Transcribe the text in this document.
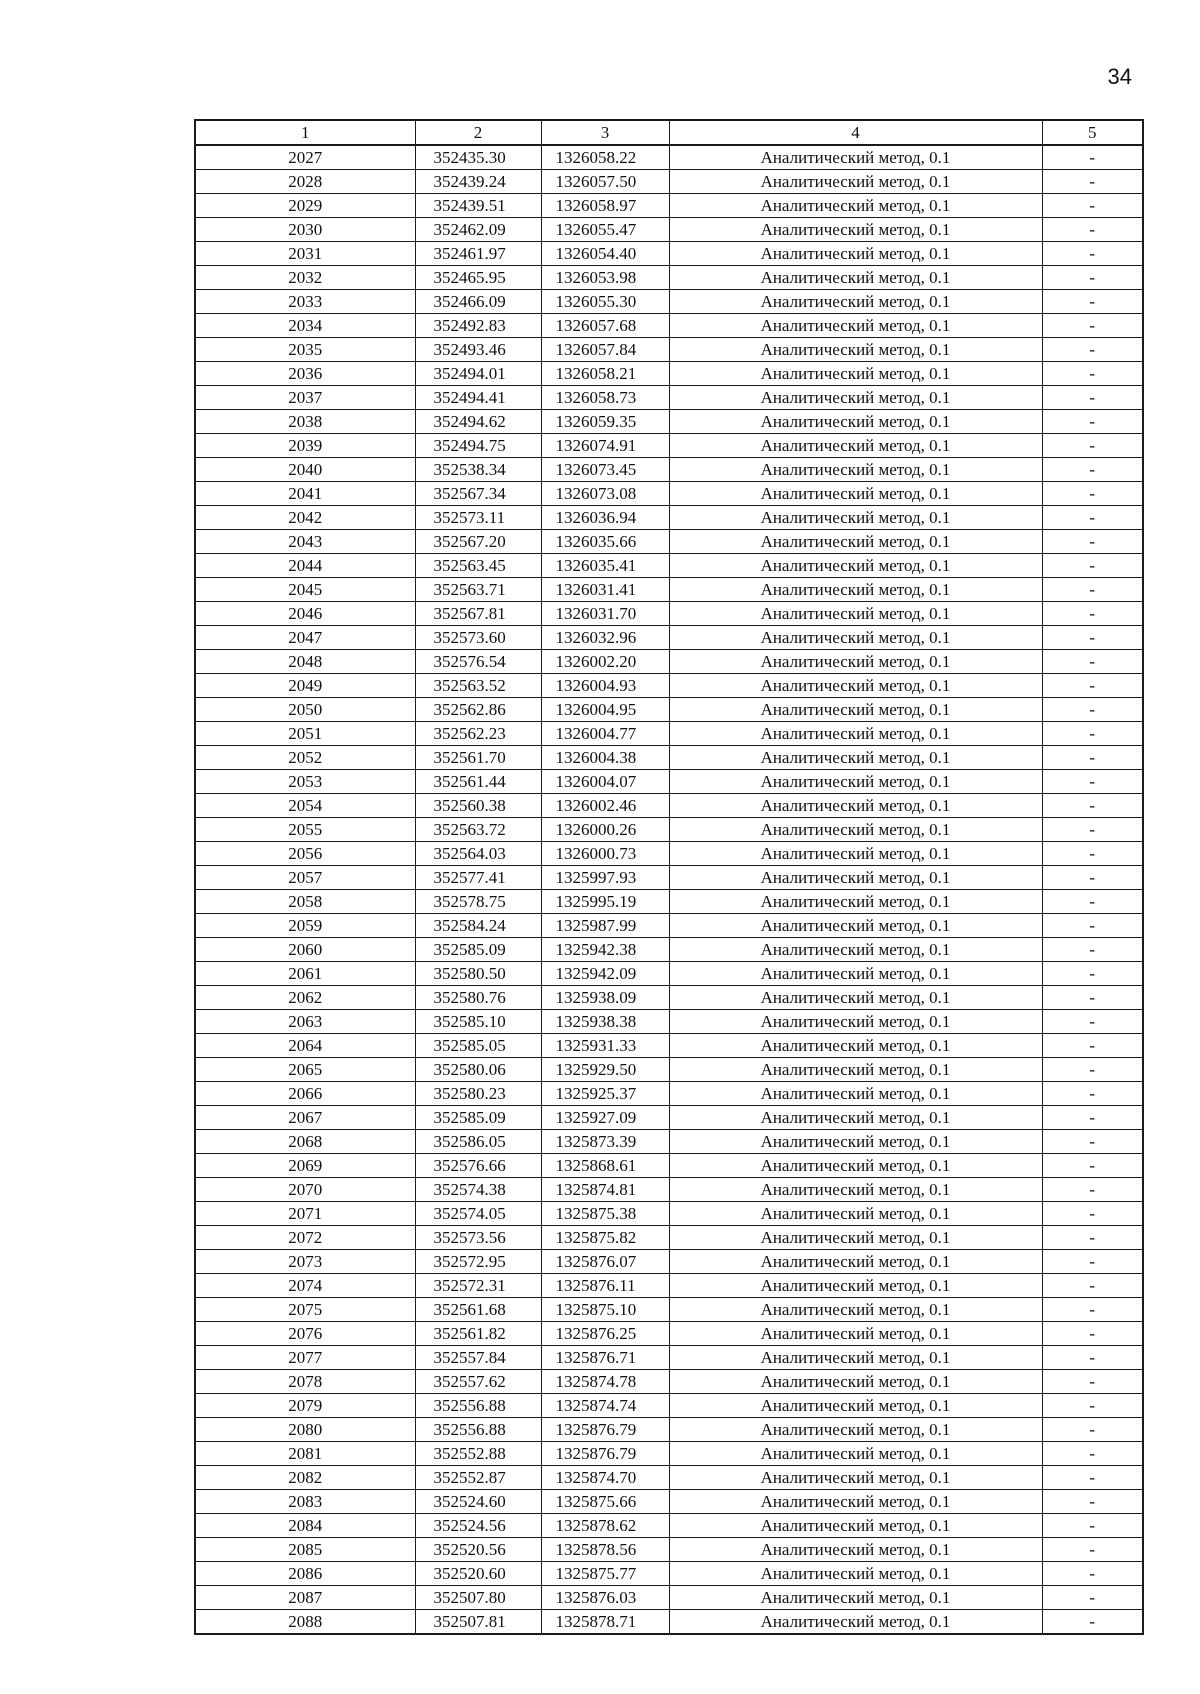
34
1	2	3	4	5
2027	352435.30	1326058.22	Аналитический метод, 0.1	-
2028	352439.24	1326057.50	Аналитический метод, 0.1	-
2029	352439.51	1326058.97	Аналитический метод, 0.1	-
2030	352462.09	1326055.47	Аналитический метод, 0.1	-
2031	352461.97	1326054.40	Аналитический метод, 0.1	-
2032	352465.95	1326053.98	Аналитический метод, 0.1	-
2033	352466.09	1326055.30	Аналитический метод, 0.1	-
2034	352492.83	1326057.68	Аналитический метод, 0.1	-
2035	352493.46	1326057.84	Аналитический метод, 0.1	-
2036	352494.01	1326058.21	Аналитический метод, 0.1	-
2037	352494.41	1326058.73	Аналитический метод, 0.1	-
2038	352494.62	1326059.35	Аналитический метод, 0.1	-
2039	352494.75	1326074.91	Аналитический метод, 0.1	-
2040	352538.34	1326073.45	Аналитический метод, 0.1	-
2041	352567.34	1326073.08	Аналитический метод, 0.1	-
2042	352573.11	1326036.94	Аналитический метод, 0.1	-
2043	352567.20	1326035.66	Аналитический метод, 0.1	-
2044	352563.45	1326035.41	Аналитический метод, 0.1	-
2045	352563.71	1326031.41	Аналитический метод, 0.1	-
2046	352567.81	1326031.70	Аналитический метод, 0.1	-
2047	352573.60	1326032.96	Аналитический метод, 0.1	-
2048	352576.54	1326002.20	Аналитический метод, 0.1	-
2049	352563.52	1326004.93	Аналитический метод, 0.1	-
2050	352562.86	1326004.95	Аналитический метод, 0.1	-
2051	352562.23	1326004.77	Аналитический метод, 0.1	-
2052	352561.70	1326004.38	Аналитический метод, 0.1	-
2053	352561.44	1326004.07	Аналитический метод, 0.1	-
2054	352560.38	1326002.46	Аналитический метод, 0.1	-
2055	352563.72	1326000.26	Аналитический метод, 0.1	-
2056	352564.03	1326000.73	Аналитический метод, 0.1	-
2057	352577.41	1325997.93	Аналитический метод, 0.1	-
2058	352578.75	1325995.19	Аналитический метод, 0.1	-
2059	352584.24	1325987.99	Аналитический метод, 0.1	-
2060	352585.09	1325942.38	Аналитический метод, 0.1	-
2061	352580.50	1325942.09	Аналитический метод, 0.1	-
2062	352580.76	1325938.09	Аналитический метод, 0.1	-
2063	352585.10	1325938.38	Аналитический метод, 0.1	-
2064	352585.05	1325931.33	Аналитический метод, 0.1	-
2065	352580.06	1325929.50	Аналитический метод, 0.1	-
2066	352580.23	1325925.37	Аналитический метод, 0.1	-
2067	352585.09	1325927.09	Аналитический метод, 0.1	-
2068	352586.05	1325873.39	Аналитический метод, 0.1	-
2069	352576.66	1325868.61	Аналитический метод, 0.1	-
2070	352574.38	1325874.81	Аналитический метод, 0.1	-
2071	352574.05	1325875.38	Аналитический метод, 0.1	-
2072	352573.56	1325875.82	Аналитический метод, 0.1	-
2073	352572.95	1325876.07	Аналитический метод, 0.1	-
2074	352572.31	1325876.11	Аналитический метод, 0.1	-
2075	352561.68	1325875.10	Аналитический метод, 0.1	-
2076	352561.82	1325876.25	Аналитический метод, 0.1	-
2077	352557.84	1325876.71	Аналитический метод, 0.1	-
2078	352557.62	1325874.78	Аналитический метод, 0.1	-
2079	352556.88	1325874.74	Аналитический метод, 0.1	-
2080	352556.88	1325876.79	Аналитический метод, 0.1	-
2081	352552.88	1325876.79	Аналитический метод, 0.1	-
2082	352552.87	1325874.70	Аналитический метод, 0.1	-
2083	352524.60	1325875.66	Аналитический метод, 0.1	-
2084	352524.56	1325878.62	Аналитический метод, 0.1	-
2085	352520.56	1325878.56	Аналитический метод, 0.1	-
2086	352520.60	1325875.77	Аналитический метод, 0.1	-
2087	352507.80	1325876.03	Аналитический метод, 0.1	-
2088	352507.81	1325878.71	Аналитический метод, 0.1	-
